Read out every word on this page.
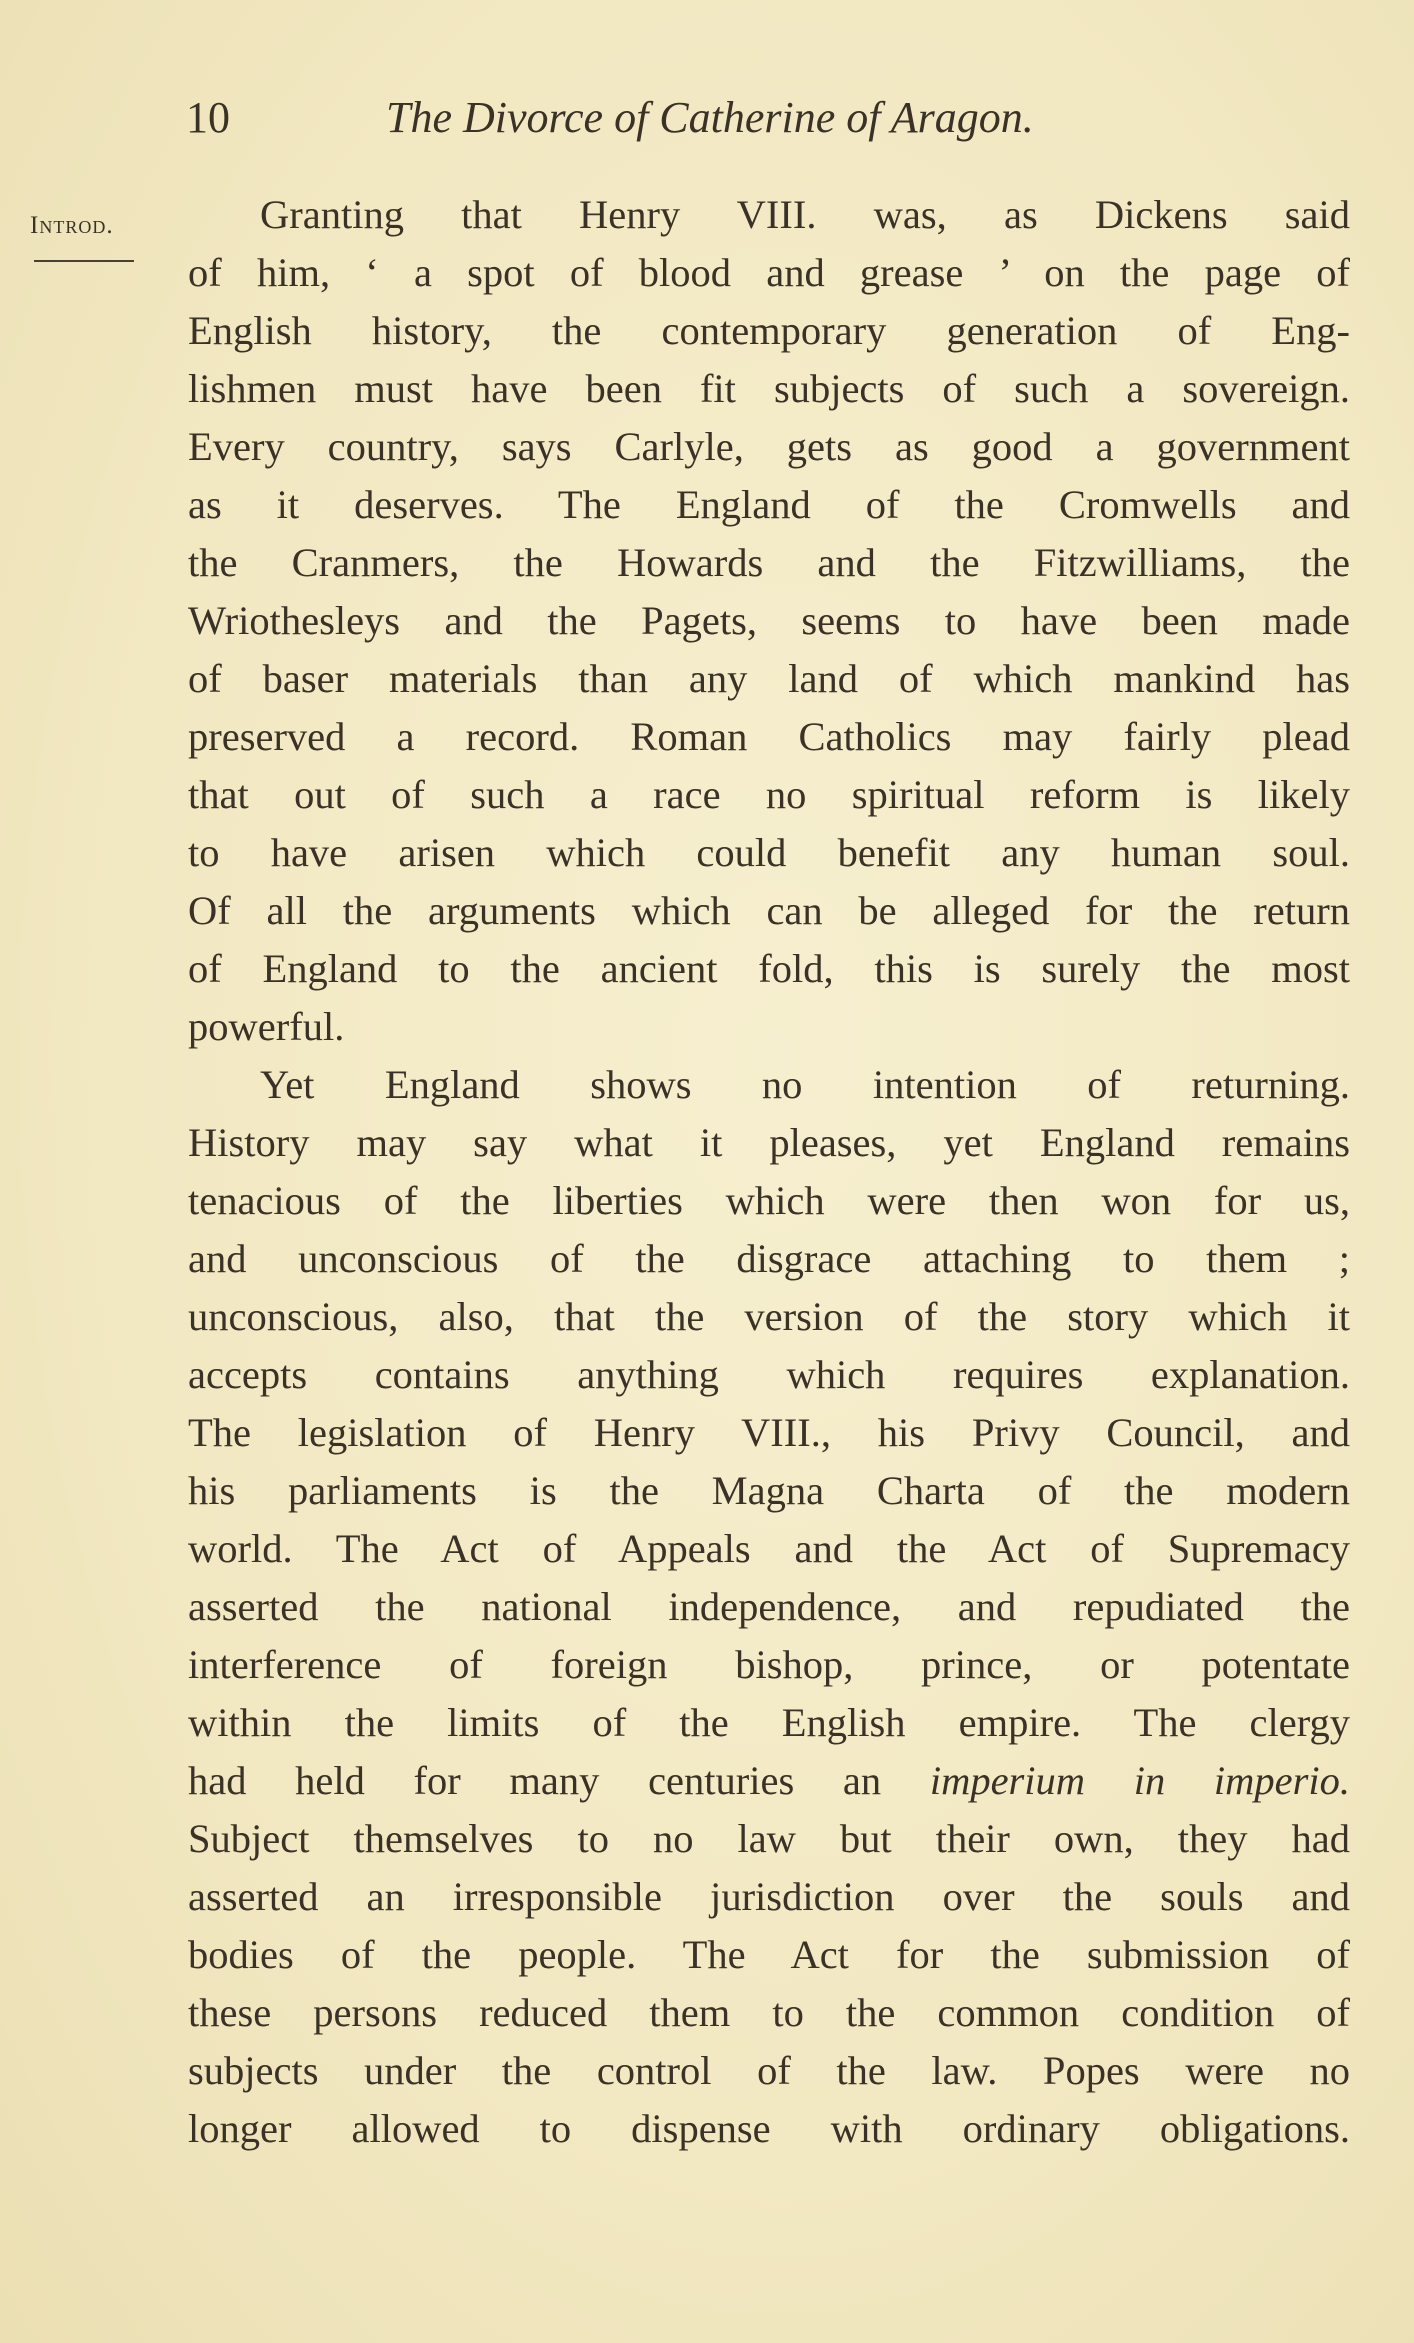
10	The Divorce of Catherine of Aragon.
Introd.	Granting that Henry VIII. was, as Dickens said
of him, ‘ a spot of blood and grease ’ on the page of
English history, the contemporary generation of Eng-
lishmen must have been fit subjects of such a sovereign.
Every country, says Carlyle, gets as good a government
as it deserves. The England of the Cromwells and
the Cranmers, the Howards and the Fitzwilliams, the
Wriothesleys and the Pagets, seems to have been made
of baser materials than any land of which mankind has
preserved a record. Roman Catholics may fairly plead
that out of such a race no spiritual reform is likely
to have arisen which could benefit any human soul.
Of all the arguments which can be alleged for the return
of England to the ancient fold, this is surely the most
powerful.
Yet England shows no intention of returning.
History may say what it pleases, yet England remains
tenacious of the liberties which were then won for us,
and unconscious of the disgrace attaching to them ;
unconscious, also, that the version of the story which it
accepts contains anything which requires explanation.
The legislation of Henry VIII., his Privy Council, and
his parliaments is the Magna Charta of the modern
world. The Act of Appeals and the Act of Supremacy
asserted the national independence, and repudiated the
interference of foreign bishop, prince, or potentate
within the limits of the English empire. The clergy
had held for many centuries an imperium in imperio.
Subject themselves to no law but their own, they had
asserted an irresponsible jurisdiction over the souls and
bodies of the people. The Act for the submission of
these persons reduced them to the common condition of
subjects under the control of the law. Popes were no
longer allowed to dispense with ordinary obligations.
